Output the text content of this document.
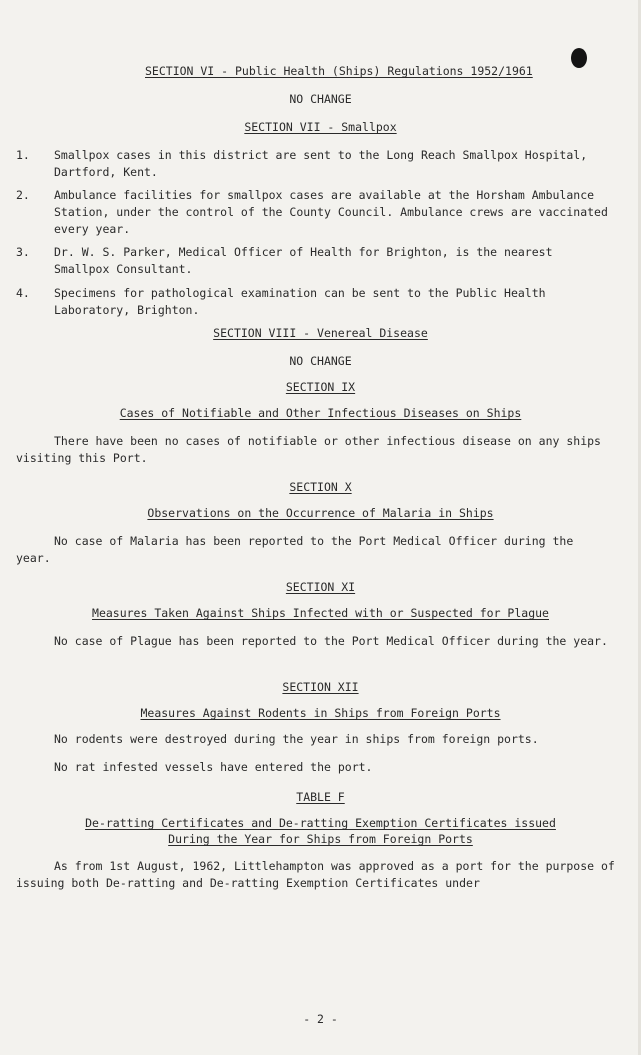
SECTION VI - Public Health (Ships) Regulations 1952/1961
NO CHANGE
SECTION VII - Smallpox
1. Smallpox cases in this district are sent to the Long Reach Smallpox Hospital, Dartford, Kent.
2. Ambulance facilities for smallpox cases are available at the Horsham Ambulance Station, under the control of the County Council. Ambulance crews are vaccinated every year.
3. Dr. W. S. Parker, Medical Officer of Health for Brighton, is the nearest Smallpox Consultant.
4. Specimens for pathological examination can be sent to the Public Health Laboratory, Brighton.
SECTION VIII - Venereal Disease
NO CHANGE
SECTION IX
Cases of Notifiable and Other Infectious Diseases on Ships
There have been no cases of notifiable or other infectious disease on any ships visiting this Port.
SECTION X
Observations on the Occurrence of Malaria in Ships
No case of Malaria has been reported to the Port Medical Officer during the year.
SECTION XI
Measures Taken Against Ships Infected with or Suspected for Plague
No case of Plague has been reported to the Port Medical Officer during the year.
SECTION XII
Measures Against Rodents in Ships from Foreign Ports
No rodents were destroyed during the year in ships from foreign ports.
No rat infested vessels have entered the port.
TABLE F
De-ratting Certificates and De-ratting Exemption Certificates issued
During the Year for Ships from Foreign Ports
As from 1st August, 1962, Littlehampton was approved as a port for the purpose of issuing both De-ratting and De-ratting Exemption Certificates under
- 2 -
